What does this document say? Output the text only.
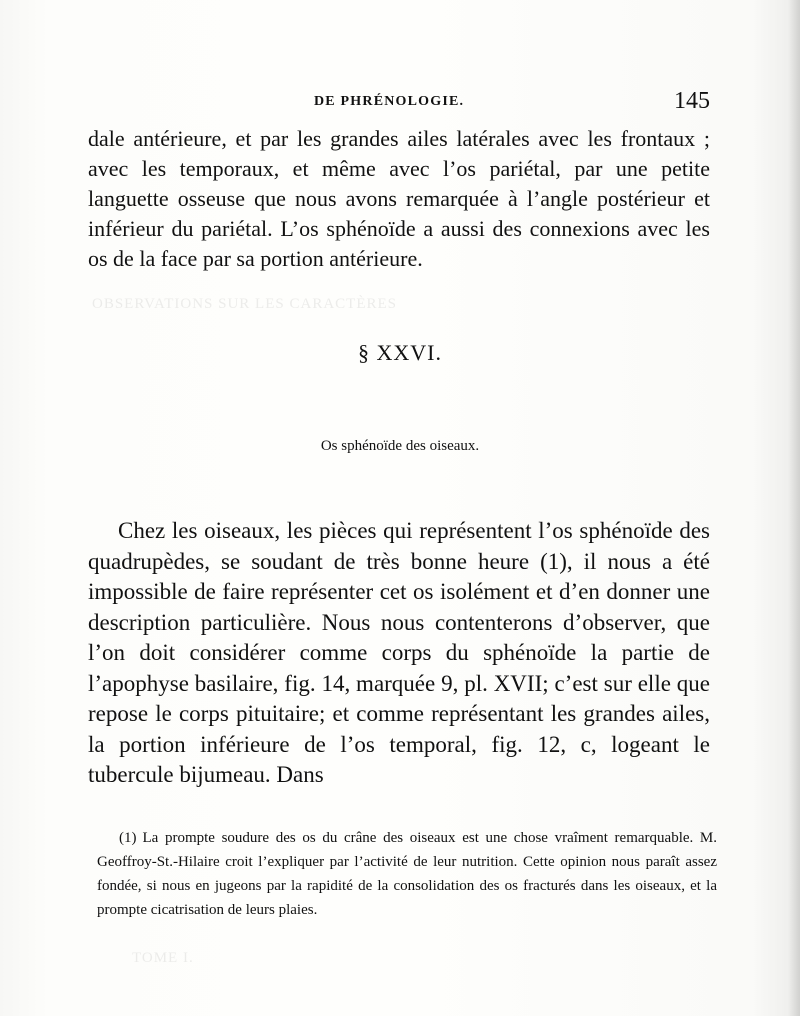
OBSERVATIONS SUR LES CARACTÈRES
TOME I.
DE PHRÉNOLOGIE.	145

dale antérieure, et par les grandes ailes latérales avec les frontaux ; avec les temporaux, et même avec l’os pariétal, par une petite languette osseuse que nous avons remarquée à l’angle postérieur et inférieur du pariétal. L’os sphénoïde a aussi des connexions avec les os de la face par sa portion antérieure.

§ XXVI.
Os sphénoïde des oiseaux.

Chez les oiseaux, les pièces qui représentent l’os sphénoïde des quadrupèdes, se soudant de très bonne heure (1), il nous a été impossible de faire représenter cet os isolément et d’en donner une description particulière. Nous nous contenterons d’observer, que l’on doit considérer comme corps du sphénoïde la partie de l’apophyse basilaire, fig. 14, marquée 9, pl. XVII; c’est sur elle que repose le corps pituitaire; et comme représentant les grandes ailes, la portion inférieure de l’os temporal, fig. 12, c, logeant le tubercule bijumeau. Dans

(1) La prompte soudure des os du crâne des oiseaux est une chose vraîment remarquable. M. Geoffroy-St.-Hilaire croit l’expliquer par l’activité de leur nutrition. Cette opinion nous paraît assez fondée, si nous en jugeons par la rapidité de la consolidation des os fracturés dans les oiseaux, et la prompte cicatrisation de leurs plaies.
